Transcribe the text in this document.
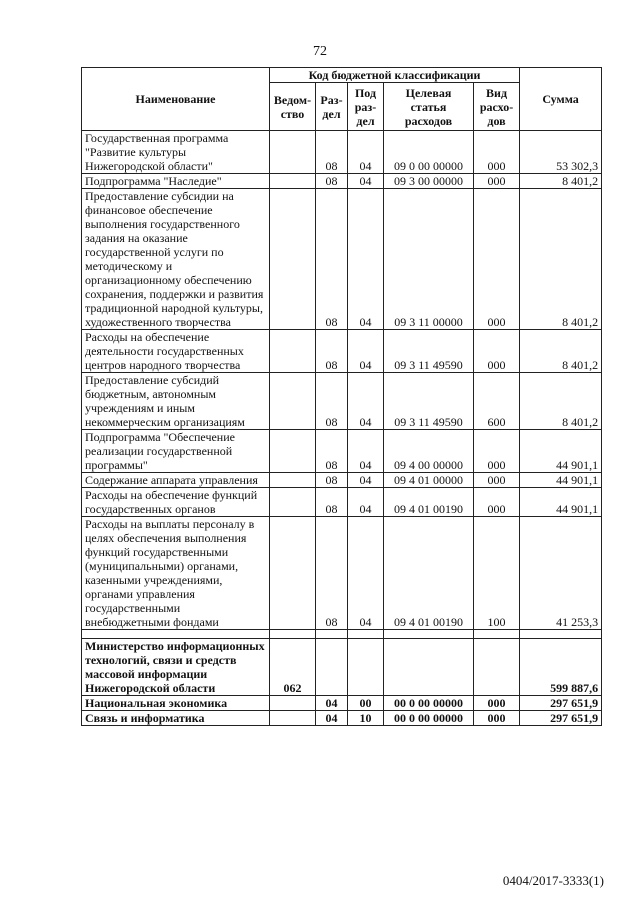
72
Наименование	Код бюджетной классификации					Сумма
	Ведом-ство	Раз-дел	Под раз-дел	Целевая статья расходов	Вид расхо-дов	
Государственная программа "Развитие культуры Нижегородской области"		08	04	09 0 00 00000	000	53 302,3
Подпрограмма "Наследие"		08	04	09 3 00 00000	000	8 401,2
Предоставление субсидии на финансовое обеспечение выполнения государственного задания на оказание государственной услуги по методическому и организационному обеспечению сохранения, поддержки и развития традиционной народной культуры, художественного творчества		08	04	09 3 11 00000	000	8 401,2
Расходы на обеспечение деятельности государственных центров народного творчества		08	04	09 3 11 49590	000	8 401,2
Предоставление субсидий бюджетным, автономным учреждениям и иным некоммерческим организациям		08	04	09 3 11 49590	600	8 401,2
Подпрограмма "Обеспечение реализации государственной программы"		08	04	09 4 00 00000	000	44 901,1
Содержание аппарата управления		08	04	09 4 01 00000	000	44 901,1
Расходы на обеспечение функций государственных органов		08	04	09 4 01 00190	000	44 901,1
Расходы на выплаты персоналу в целях обеспечения выполнения функций государственными (муниципальными) органами, казенными учреждениями, органами управления государственными внебюджетными фондами		08	04	09 4 01 00190	100	41 253,3

Министерство информационных технологий, связи и средств массовой информации Нижегородской области	062					599 887,6
Национальная экономика		04	00	00 0 00 00000	000	297 651,9
Связь и информатика		04	10	00 0 00 00000	000	297 651,9
0404/2017-3333(1)
